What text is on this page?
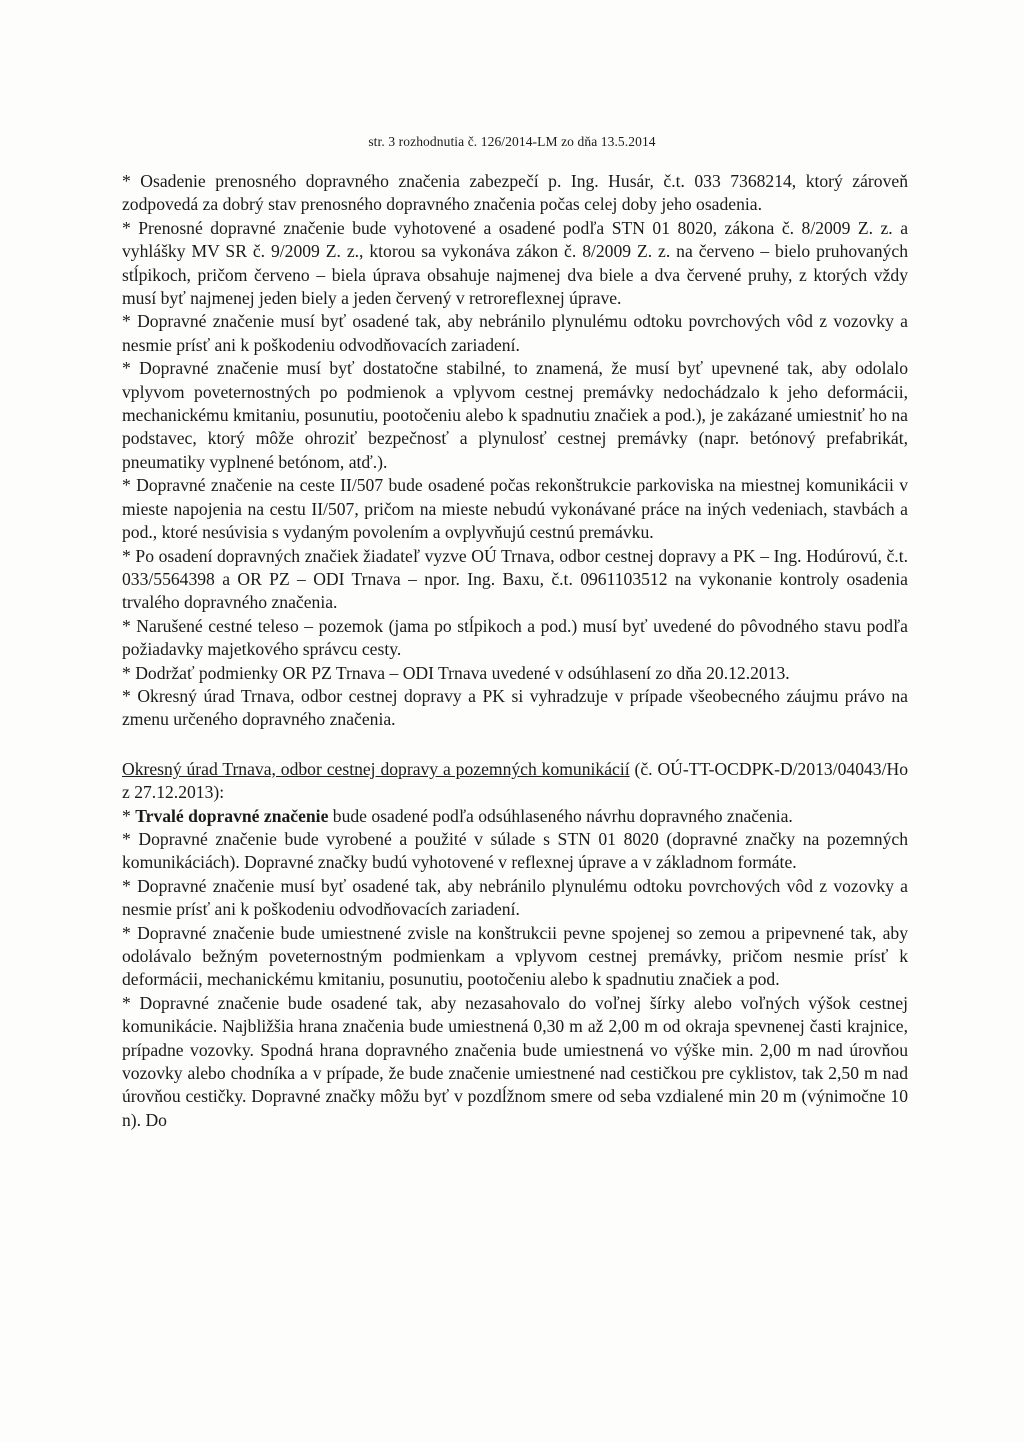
str. 3 rozhodnutia č. 126/2014-LM zo dňa 13.5.2014

* Osadenie prenosného dopravného značenia zabezpečí p. Ing. Husár, č.t. 033 7368214, ktorý zároveň zodpovedá za dobrý stav prenosného dopravného značenia počas celej doby jeho osadenia.

* Prenosné dopravné značenie bude vyhotovené a osadené podľa STN 01 8020, zákona č. 8/2009 Z. z. a vyhlášky MV SR č. 9/2009 Z. z., ktorou sa vykonáva zákon č. 8/2009 Z. z. na červeno – bielo pruhovaných stĺpikoch, pričom červeno – biela úprava obsahuje najmenej dva biele a dva červené pruhy, z ktorých vždy musí byť najmenej jeden biely a jeden červený v retroreflexnej úprave.

* Dopravné značenie musí byť osadené tak, aby nebránilo plynulému odtoku povrchových vôd z vozovky a nesmie prísť ani k poškodeniu odvodňovacích zariadení.

* Dopravné značenie musí byť dostatočne stabilné, to znamená, že musí byť upevnené tak, aby odolalo vplyvom poveternostných po podmienok a vplyvom cestnej premávky nedochádzalo k jeho deformácii, mechanickému kmitaniu, posunutiu, pootočeniu alebo k spadnutiu značiek a pod.), je zakázané umiestniť ho na podstavec, ktorý môže ohroziť bezpečnosť a plynulosť cestnej premávky (napr. betónový prefabrikát, pneumatiky vyplnené betónom, atď.).

* Dopravné značenie na ceste II/507 bude osadené počas rekonštrukcie parkoviska na miestnej komunikácii v mieste napojenia na cestu II/507, pričom na mieste nebudú vykonávané práce na iných vedeniach, stavbách a pod., ktoré nesúvisia s vydaným povolením a ovplyvňujú cestnú premávku.

* Po osadení dopravných značiek žiadateľ vyzve OÚ Trnava, odbor cestnej dopravy a PK – Ing. Hodúrovú, č.t. 033/5564398 a OR PZ – ODI Trnava – npor. Ing. Baxu, č.t. 0961103512 na vykonanie kontroly osadenia trvalého dopravného značenia.

* Narušené cestné teleso – pozemok (jama po stĺpikoch a pod.) musí byť uvedené do pôvodného stavu podľa požiadavky majetkového správcu cesty.

* Dodržať podmienky OR PZ Trnava – ODI Trnava uvedené v odsúhlasení zo dňa 20.12.2013.

* Okresný úrad Trnava, odbor cestnej dopravy a PK si vyhradzuje v prípade všeobecného záujmu právo na zmenu určeného dopravného značenia.

Okresný úrad Trnava, odbor cestnej dopravy a pozemných komunikácií (č. OÚ-TT-OCDPK-D/2013/04043/Ho z 27.12.2013):

* Trvalé dopravné značenie bude osadené podľa odsúhlaseného návrhu dopravného značenia.

* Dopravné značenie bude vyrobené a použité v súlade s STN 01 8020 (dopravné značky na pozemných komunikáciách). Dopravné značky budú vyhotovené v reflexnej úprave a v základnom formáte.

* Dopravné značenie musí byť osadené tak, aby nebránilo plynulému odtoku povrchových vôd z vozovky a nesmie prísť ani k poškodeniu odvodňovacích zariadení.

* Dopravné značenie bude umiestnené zvisle na konštrukcii pevne spojenej so zemou a pripevnené tak, aby odolávalo bežným poveternostným podmienkam a vplyvom cestnej premávky, pričom nesmie prísť k deformácii, mechanickému kmitaniu, posunutiu, pootočeniu alebo k spadnutiu značiek a pod.

* Dopravné značenie bude osadené tak, aby nezasahovalo do voľnej šírky alebo voľných výšok cestnej komunikácie. Najbližšia hrana značenia bude umiestnená 0,30 m až 2,00 m od okraja spevnenej časti krajnice, prípadne vozovky. Spodná hrana dopravného značenia bude umiestnená vo výške min. 2,00 m nad úrovňou vozovky alebo chodníka a v prípade, že bude značenie umiestnené nad cestičkou pre cyklistov, tak 2,50 m nad úrovňou cestičky. Dopravné značky môžu byť v pozdĺžnom smere od seba vzdialené min 20 m (výnimočne 10 n). Do
